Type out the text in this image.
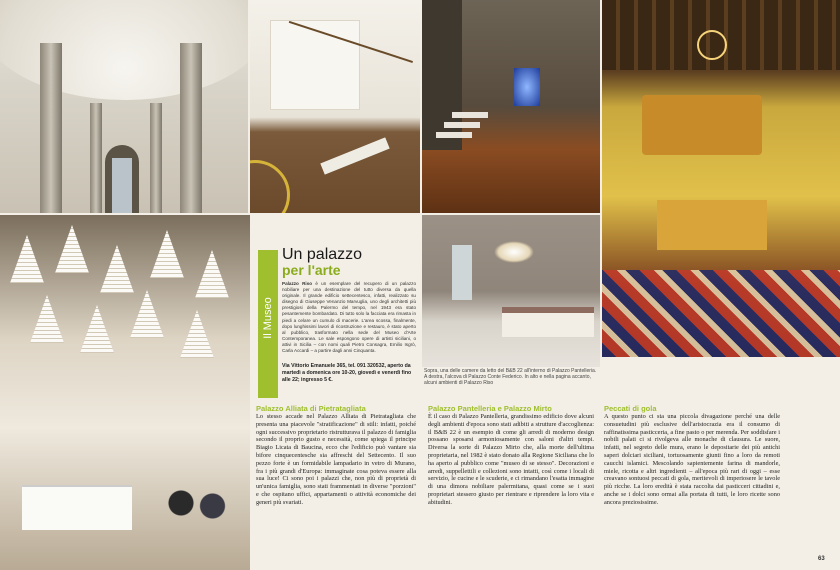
Sopra, una delle camere da letto del B&B 22 all'interno di Palazzo Pantelleria. A destra, l'alcova di Palazzo Conte Federico. In alto e nella pagina accanto, alcuni ambienti di Palazzo Riso
Il Museo
Un palazzo
per l'arte
Palazzo Riso è un esemplare del recupero di un palazzo nobiliare per una destinazione del tutto diversa da quella originale. Il grande edificio settecentesco, infatti, realizzato su disegno di Giuseppe Venanzio Marvuglia, uno degli architetti più prestigiosi della Palermo del tempo, nel 1943 era stato pesantemente bombardato. Di tutto solo la facciata era rimasta in piedi a celare un cumulo di macerie. L'area scossa, finalmente, dopo lunghissimi lavori di ricostruzione e restauro, è stato aperto al pubblico, trasformato nella sede del Museo d'Arte Contemporanea. Le sale espongono opere di artisti siciliani, o attivi in Sicilia – con nomi quali Pietro Consagra, Emilio Isgrò, Carla Accardi – a partire dagli anni Cinquanta.
Via Vittorio Emanuele 365, tel. 091 320532, aperto da martedì a domenica ore 10-20, giovedì e venerdì fino alle 22; ingresso 5 €.
Palazzo Alliata di Pietratagliata
Lo stesso accade nel Palazzo Alliata di Pietratagliata che presenta una piacevole "stratificazione" di stili: infatti, poiché ogni successivo proprietario ristrutturava il palazzo di famiglia secondo il proprio gusto e necessità, come spiega il principe Biagio Licata di Baucina, ecco che l'edificio può vantare sia bifore cinquecentesche sia affreschi del Settecento. Il suo pezzo forte è un formidabile lampadario in vetro di Murano, fra i più grandi d'Europa: immaginate cosa poteva essere alla sua luce! Ci sono poi i palazzi che, non più di proprietà di un'unica famiglia, sono stati frammentati in diverse "porzioni" e che ospitano uffici, appartamenti o attività economiche dei generi più svariati.
Palazzo Pantelleria e Palazzo Mirto
È il caso di Palazzo Pantelleria, grandissimo edificio dove alcuni degli ambienti d'epoca sono stati adibiti a strutture d'accoglienza: il B&B 22 è un esempio di come gli arredi di moderno design possano sposarsi armoniosamente con saloni d'altri tempi. Diversa la sorte di Palazzo Mirto che, alla morte dell'ultima proprietaria, nel 1982 è stato donato alla Regione Siciliana che lo ha aperto al pubblico come "museo di se stesso". Decorazioni e arredi, suppellettili e collezioni sono intatti, così come i locali di servizio, le cucine e le scuderie, e ci rimandano l'esatta immagine di una dimora nobiliare palermitana, quasi come se i suoi proprietari stessero giusto per rientrare e riprendere la loro vita e abitudini.
Peccati di gola
A questo punto ci sta una piccola divagazione perché una delle consuetudini più esclusive dell'aristocrazia era il consumo di raffinatissima pasticceria, a fine pasto o per merenda. Per soddisfare i nobili palati ci si rivolgeva alle monache di clausura. Le suore, infatti, nel segreto delle mura, erano le depositarie dei più antichi saperi dolciari siciliani, tortuosamente giunti fino a loro da remoti caucchi islamici. Mescolando sapientemente farina di mandorle, miele, ricotta e altri ingredienti – all'epoca più rari di oggi – esse creavano sontuosi peccati di gola, meritevoli di imperiosere le tavole più ricche. La loro eredità è stata raccolta dai pasticceri cittadini e, anche se i dolci sono ormai alla portata di tutti, le loro ricette sono ancora preziosissime.
63
